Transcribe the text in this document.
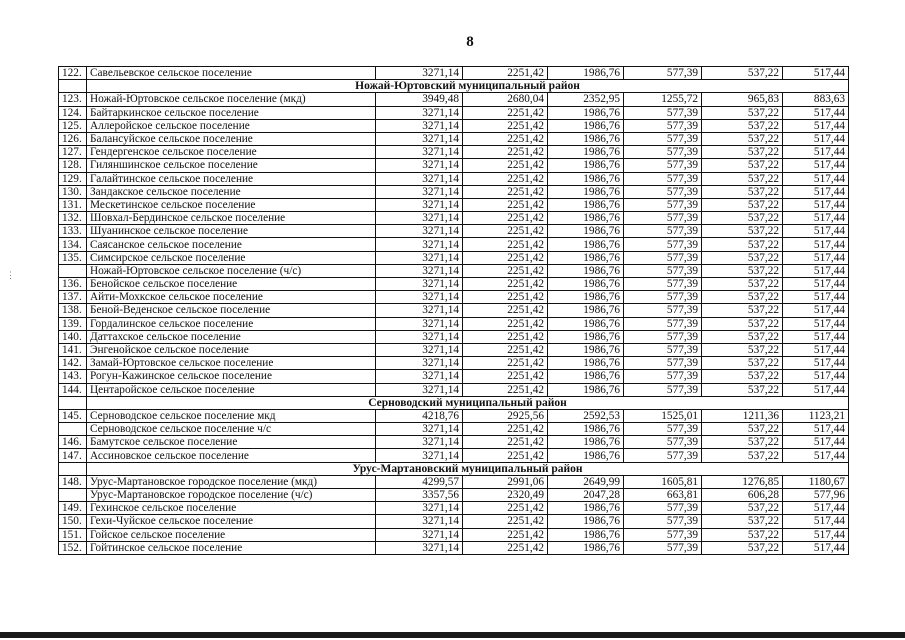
8
122.	Савельевское сельское поселение	3271,14	2251,42	1986,76	577,39	537,22	517,44
	Ножай-Юртовский муниципальный район						
123.	Ножай-Юртовское сельское поселение (мкд)	3949,48	2680,04	2352,95	1255,72	965,83	883,63
124.	Байтаркинское сельское поселение	3271,14	2251,42	1986,76	577,39	537,22	517,44
125.	Аллеройское сельское поселение	3271,14	2251,42	1986,76	577,39	537,22	517,44
126.	Балансуйское сельское поселение	3271,14	2251,42	1986,76	577,39	537,22	517,44
127.	Гендергенское сельское поселение	3271,14	2251,42	1986,76	577,39	537,22	517,44
128.	Гиляншинское сельское поселение	3271,14	2251,42	1986,76	577,39	537,22	517,44
129.	Галайтинское сельское поселение	3271,14	2251,42	1986,76	577,39	537,22	517,44
130.	Зандакское сельское поселение	3271,14	2251,42	1986,76	577,39	537,22	517,44
131.	Мескетинское сельское поселение	3271,14	2251,42	1986,76	577,39	537,22	517,44
132.	Шовхал-Бердинское сельское поселение	3271,14	2251,42	1986,76	577,39	537,22	517,44
133.	Шуанинское сельское поселение	3271,14	2251,42	1986,76	577,39	537,22	517,44
134.	Саясанское сельское поселение	3271,14	2251,42	1986,76	577,39	537,22	517,44
135.	Симсирское сельское поселение	3271,14	2251,42	1986,76	577,39	537,22	517,44
	Ножай-Юртовское сельское поселение (ч/с)	3271,14	2251,42	1986,76	577,39	537,22	517,44
136.	Бенойское сельское поселение	3271,14	2251,42	1986,76	577,39	537,22	517,44
137.	Айти-Мохкское сельское поселение	3271,14	2251,42	1986,76	577,39	537,22	517,44
138.	Беной-Веденское сельское поселение	3271,14	2251,42	1986,76	577,39	537,22	517,44
139.	Гордалинское сельское поселение	3271,14	2251,42	1986,76	577,39	537,22	517,44
140.	Даттахское сельское поселение	3271,14	2251,42	1986,76	577,39	537,22	517,44
141.	Энгенойское сельское поселение	3271,14	2251,42	1986,76	577,39	537,22	517,44
142.	Замай-Юртовское сельское поселение	3271,14	2251,42	1986,76	577,39	537,22	517,44
143.	Рогун-Кажинское сельское поселение	3271,14	2251,42	1986,76	577,39	537,22	517,44
144.	Центаройское сельское поселение	3271,14	2251,42	1986,76	577,39	537,22	517,44
	Серноводский муниципальный район						
145.	Серноводское сельское поселение мкд	4218,76	2925,56	2592,53	1525,01	1211,36	1123,21
	Серноводское сельское поселение ч/с	3271,14	2251,42	1986,76	577,39	537,22	517,44
146.	Бамутское сельское поселение	3271,14	2251,42	1986,76	577,39	537,22	517,44
147.	Ассиновское сельское поселение	3271,14	2251,42	1986,76	577,39	537,22	517,44
	Урус-Мартановский муниципальный район						
148.	Урус-Мартановское городское поселение (мкд)	4299,57	2991,06	2649,99	1605,81	1276,85	1180,67
	Урус-Мартановское городское поселение (ч/с)	3357,56	2320,49	2047,28	663,81	606,28	577,96
149.	Гехинское сельское поселение	3271,14	2251,42	1986,76	577,39	537,22	517,44
150.	Гехи-Чуйское сельское поселение	3271,14	2251,42	1986,76	577,39	537,22	517,44
151.	Гойское сельское поселение	3271,14	2251,42	1986,76	577,39	537,22	517,44
152.	Гойтинское сельское поселение	3271,14	2251,42	1986,76	577,39	537,22	517,44
⋮
